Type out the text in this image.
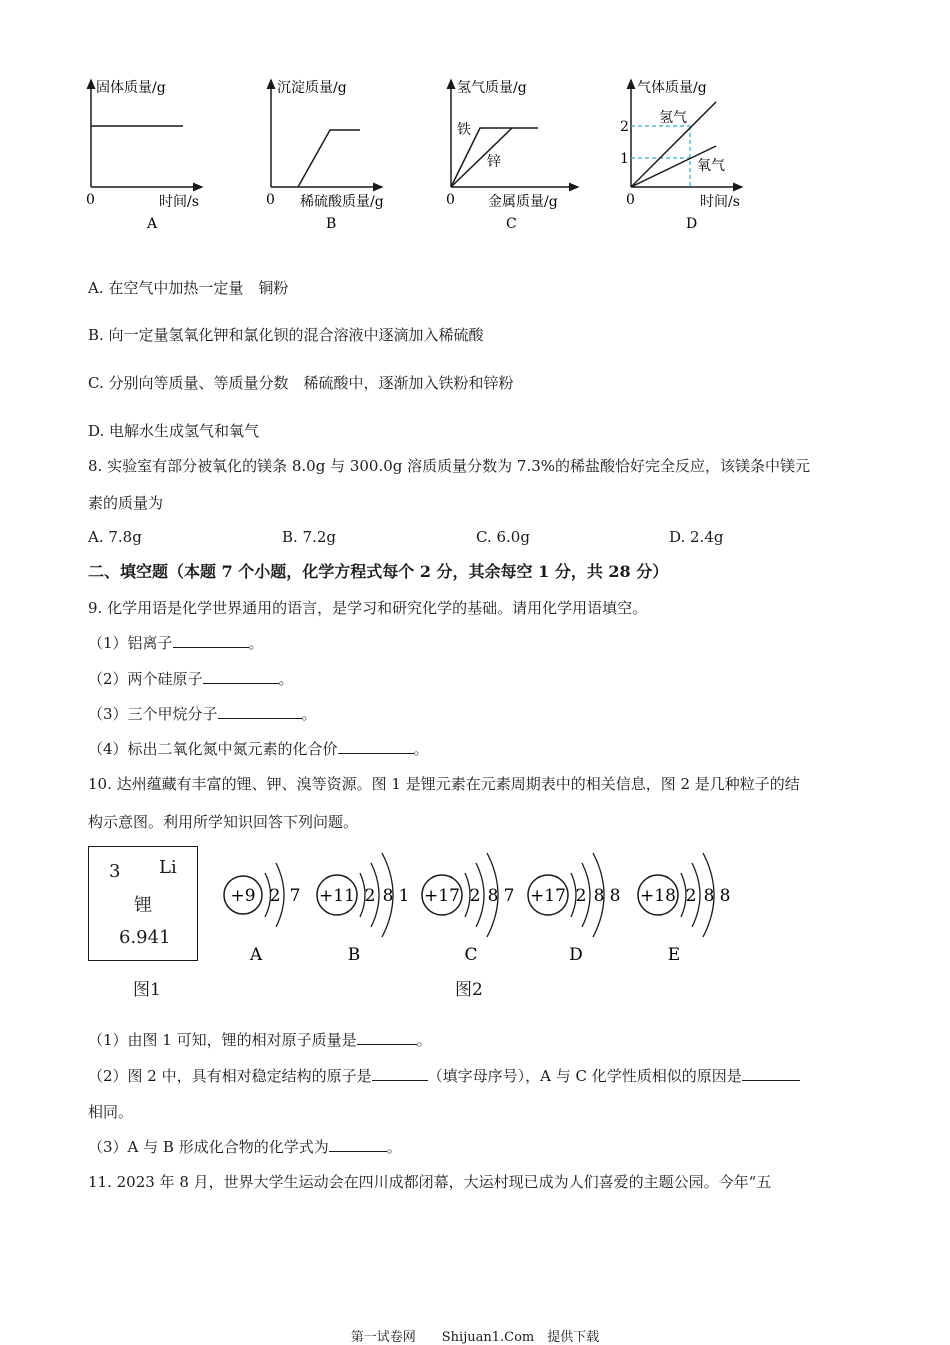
固体质量/g
时间/s
0
A
沉淀质量/g
稀硫酸质量/g
0
B
氢气质量/g
金属质量/g
0
铁
锌
C
气体质量/g
时间/s
0
2
1
氢气
氧气
D
A. 在空气中加热一定量　铜粉
B. 向一定量氢氧化钾和氯化钡的混合溶液中逐滴加入稀硫酸
C. 分别向等质量、等质量分数　稀硫酸中，逐渐加入铁粉和锌粉
D. 电解水生成氢气和氧气
8. 实验室有部分被氧化的镁条 8.0g 与 300.0g 溶质质量分数为 7.3%的稀盐酸恰好完全反应，该镁条中镁元
素的质量为
A. 7.8g	B. 7.2g	C. 6.0g	D. 2.4g
二、填空题（本题 7 个小题，化学方程式每个 2 分，其余每空 1 分，共 28 分）
9. 化学用语是化学世界通用的语言，是学习和研究化学的基础。请用化学用语填空。
（1）铝离子	。
（2）两个硅原子	。
（3）三个甲烷分子	。
（4）标出二氧化氮中氮元素的化合价	。
10. 达州蕴藏有丰富的锂、钾、溴等资源。图 1 是锂元素在元素周期表中的相关信息，图 2 是几种粒子的结
构示意图。利用所学知识回答下列问题。
3 Li
锂
6.941
图1
+9 2 7
A
+11 2 8 1
B
+17 2 8 7
C
+17 2 8 8
D
+18 2 8 8
E
图2
（1）由图 1 可知，锂的相对原子质量是	。
（2）图 2 中，具有相对稳定结构的原子是	（填字母序号），A 与 C 化学性质相似的原因是
相同。
（3）A 与 B 形成化合物的化学式为	。
11. 2023 年 8 月，世界大学生运动会在四川成都闭幕，大运村现已成为人们喜爱的主题公园。今年“五
第一试卷网　　Shijuan1.Com　提供下载
